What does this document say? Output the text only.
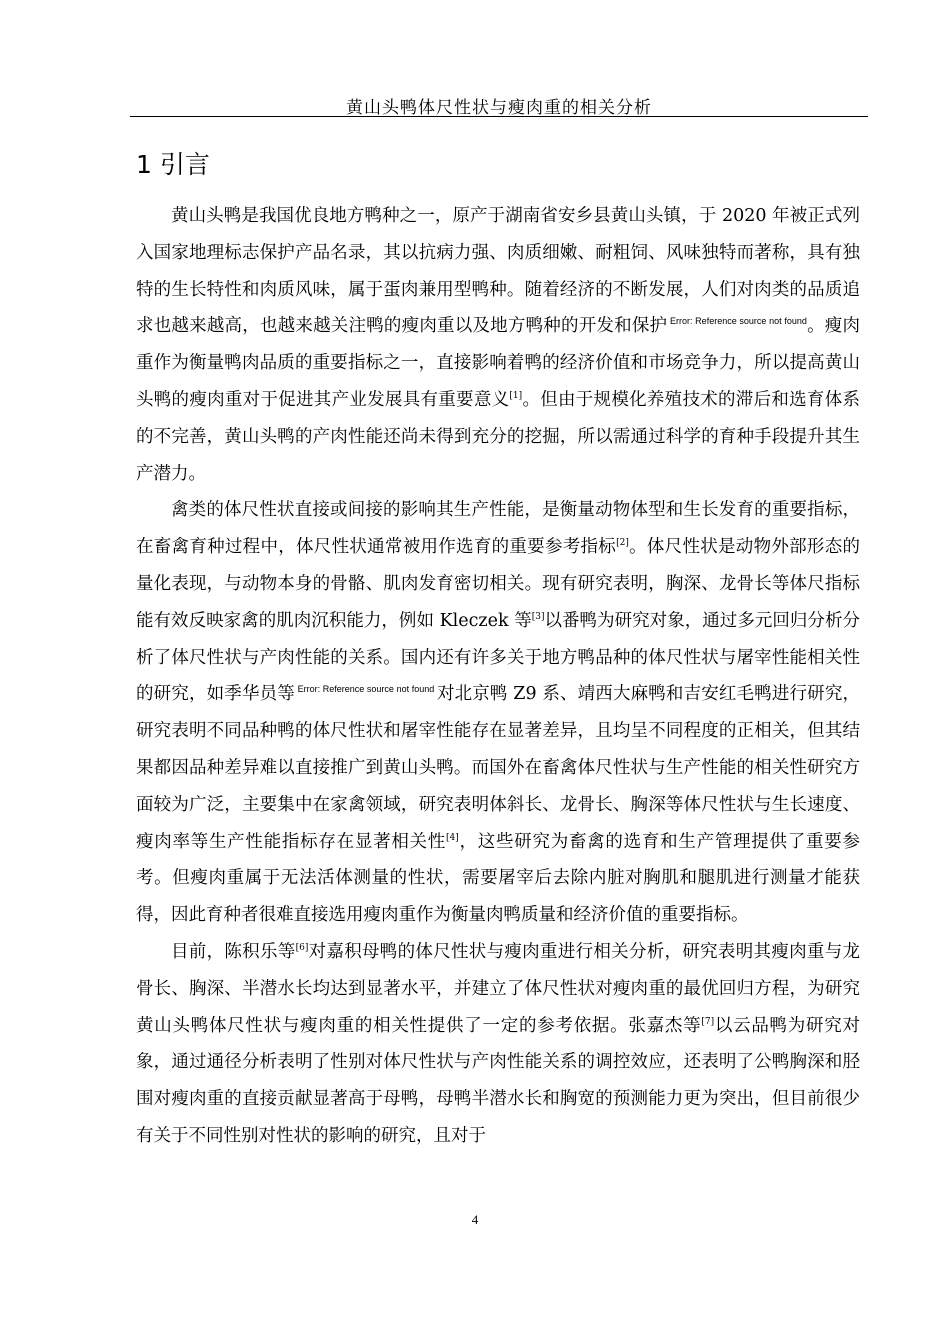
黄山头鸭体尺性状与瘦肉重的相关分析
1 引言

黄山头鸭是我国优良地方鸭种之一，原产于湖南省安乡县黄山头镇，于 2020 年被正式列入国家地理标志保护产品名录，其以抗病力强、肉质细嫩、耐粗饲、风味独特而著称，具有独特的生长特性和肉质风味，属于蛋肉兼用型鸭种。随着经济的不断发展，人们对肉类的品质追求也越来越高，也越来越关注鸭的瘦肉重以及地方鸭种的开发和保护 $^{Error: Reference source not found}$。瘦肉重作为衡量鸭肉品质的重要指标之一，直接影响着鸭的经济价值和市场竞争力，所以提高黄山头鸭的瘦肉重对于促进其产业发展具有重要意义[1]。但由于规模化养殖技术的滞后和选育体系的不完善，黄山头鸭的产肉性能还尚未得到充分的挖掘，所以需通过科学的育种手段提升其生产潜力。

禽类的体尺性状直接或间接的影响其生产性能，是衡量动物体型和生长发育的重要指标，在畜禽育种过程中，体尺性状通常被用作选育的重要参考指标[2]。体尺性状是动物外部形态的量化表现，与动物本身的骨骼、肌肉发育密切相关。现有研究表明，胸深、龙骨长等体尺指标能有效反映家禽的肌肉沉积能力，例如 Kleczek 等[3]以番鸭为研究对象，通过多元回归分析分析了体尺性状与产肉性能的关系。国内还有许多关于地方鸭品种的体尺性状与屠宰性能相关性的研究，如季华员等 $^{Error: Reference source not found}$ 对北京鸭 Z9 系、靖西大麻鸭和吉安红毛鸭进行研究，研究表明不同品种鸭的体尺性状和屠宰性能存在显著差异，且均呈不同程度的正相关，但其结果都因品种差异难以直接推广到黄山头鸭。而国外在畜禽体尺性状与生产性能的相关性研究方面较为广泛，主要集中在家禽领域，研究表明体斜长、龙骨长、胸深等体尺性状与生长速度、瘦肉率等生产性能指标存在显著相关性[4]，这些研究为畜禽的选育和生产管理提供了重要参考。但瘦肉重属于无法活体测量的性状，需要屠宰后去除内脏对胸肌和腿肌进行测量才能获得，因此育种者很难直接选用瘦肉重作为衡量肉鸭质量和经济价值的重要指标。

目前，陈积乐等[6]对嘉积母鸭的体尺性状与瘦肉重进行相关分析，研究表明其瘦肉重与龙骨长、胸深、半潜水长均达到显著水平，并建立了体尺性状对瘦肉重的最优回归方程，为研究黄山头鸭体尺性状与瘦肉重的相关性提供了一定的参考依据。张嘉杰等[7]以云品鸭为研究对象，通过通径分析表明了性别对体尺性状与产肉性能关系的调控效应，还表明了公鸭胸深和胫围对瘦肉重的直接贡献显著高于母鸭，母鸭半潜水长和胸宽的预测能力更为突出，但目前很少有关于不同性别对性状的影响的研究，且对于

4
